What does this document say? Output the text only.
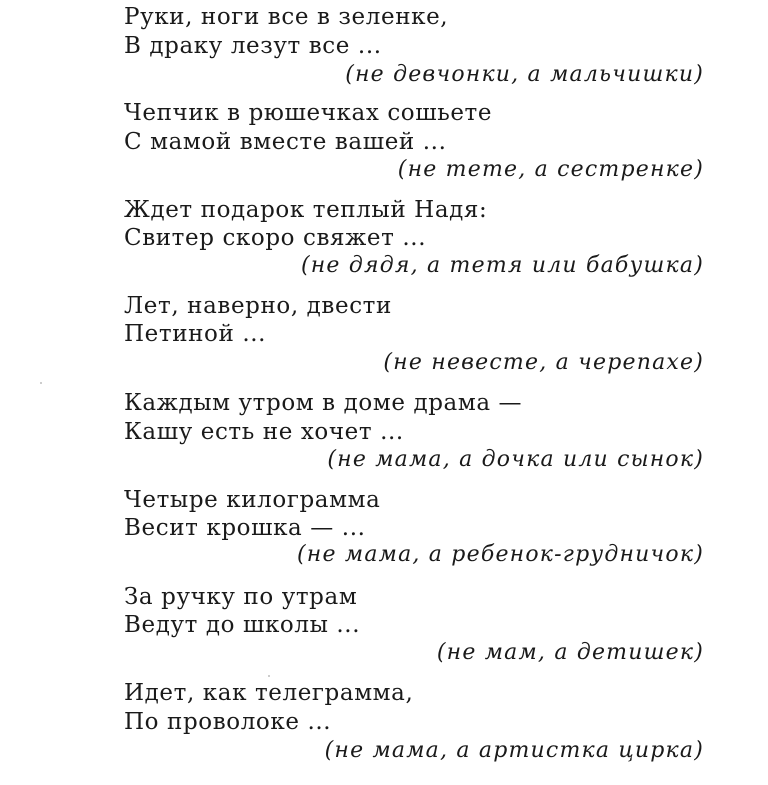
Руки, ноги все в зеленке,
В драку лезут все ...
(не девчонки, а мальчишки)
Чепчик в рюшечках сошьете
С мамой вместе вашей ...
(не тете, а сестренке)
Ждет подарок теплый Надя:
Свитер скоро свяжет ...
(не дядя, а тетя или бабушка)
Лет, наверно, двести
Петиной ...
(не невесте, а черепахе)
Каждым утром в доме драма —
Кашу есть не хочет ...
(не мама, а дочка или сынок)
Четыре килограмма
Весит крошка — ...
(не мама, а ребенок-грудничок)
За ручку по утрам
Ведут до школы ...
(не мам, а детишек)
Идет, как телеграмма,
По проволоке ...
(не мама, а артистка цирка)
